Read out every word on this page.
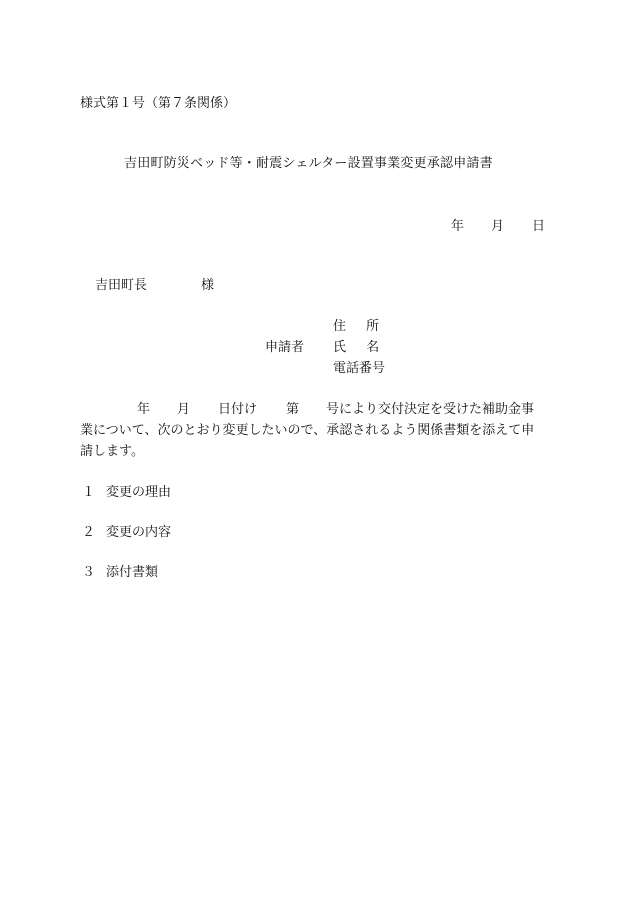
様式第１号（第７条関係）
吉田町防災ベッド等・耐震シェルター設置事業変更承認申請書
年 月 日
吉田町長	様
申請者
住 所
氏 名
電話番号
年 月 日付け 第 号により交付決定を受けた補助金事
業について、次のとおり変更したいので、承認されるよう関係書類を添えて申
請します。
１ 変更の理由
２ 変更の内容
３ 添付書類
